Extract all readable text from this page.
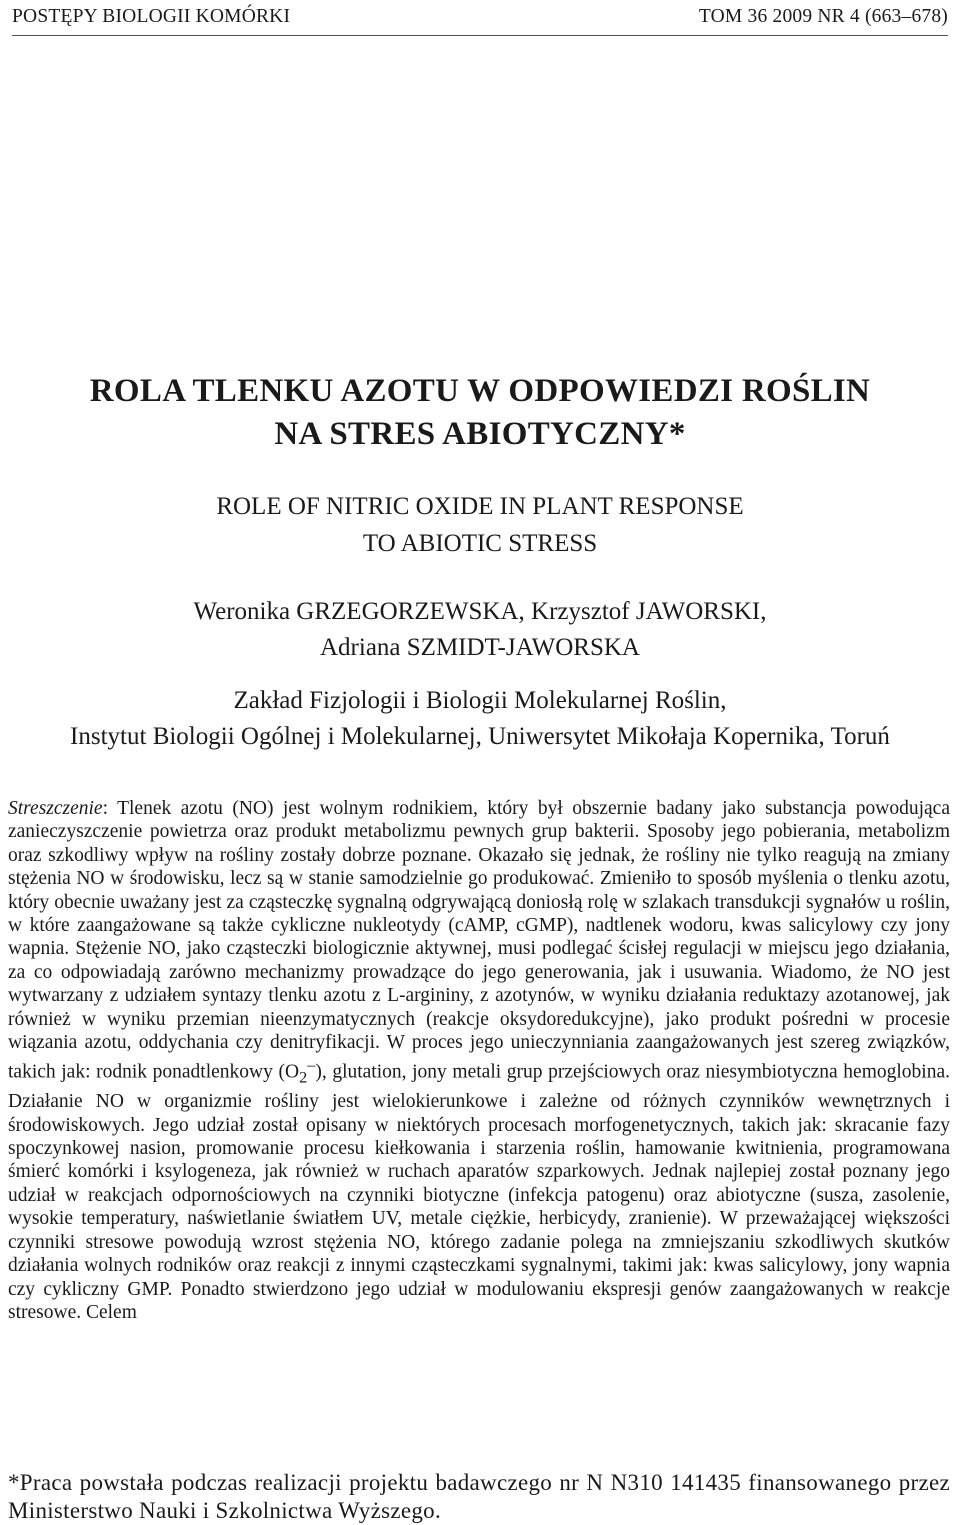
POSTĘPY BIOLOGII KOMÓRKI	TOM 36 2009 NR 4 (663–678)
ROLA TLENKU AZOTU W ODPOWIEDZI ROŚLIN
NA STRES ABIOTYCZNY*
ROLE OF NITRIC OXIDE IN PLANT RESPONSE
TO ABIOTIC STRESS
Weronika GRZEGORZEWSKA, Krzysztof JAWORSKI,
Adriana SZMIDT-JAWORSKA
Zakład Fizjologii i Biologii Molekularnej Roślin,
Instytut Biologii Ogólnej i Molekularnej, Uniwersytet Mikołaja Kopernika, Toruń
Streszczenie: Tlenek azotu (NO) jest wolnym rodnikiem, który był obszernie badany jako substancja powodująca zanieczyszczenie powietrza oraz produkt metabolizmu pewnych grup bakterii. Sposoby jego pobierania, metabolizm oraz szkodliwy wpływ na rośliny zostały dobrze poznane. Okazało się jednak, że rośliny nie tylko reagują na zmiany stężenia NO w środowisku, lecz są w stanie samodzielnie go produkować. Zmieniło to sposób myślenia o tlenku azotu, który obecnie uważany jest za cząsteczkę sygnalną odgrywającą doniosłą rolę w szlakach transdukcji sygnałów u roślin, w które zaangażowane są także cykliczne nukleotydy (cAMP, cGMP), nadtlenek wodoru, kwas salicylowy czy jony wapnia. Stężenie NO, jako cząsteczki biologicznie aktywnej, musi podlegać ścisłej regulacji w miejscu jego działania, za co odpowiadają zarówno mechanizmy prowadzące do jego generowania, jak i usuwania. Wiadomo, że NO jest wytwarzany z udziałem syntazy tlenku azotu z L-argininy, z azotynów, w wyniku działania reduktazy azotanowej, jak również w wyniku przemian nieenzymatycznych (reakcje oksydoredukcyjne), jako produkt pośredni w procesie wiązania azotu, oddychania czy denitryfikacji. W proces jego unieczynniania zaangażowanych jest szereg związków, takich jak: rodnik ponadtlenkowy $(O_2^-)$, glutation, jony metali grup przejściowych oraz niesymbiotyczna hemoglobina. Działanie NO w organizmie rośliny jest wielokierunkowe i zależne od różnych czynników wewnętrznych i środowiskowych. Jego udział został opisany w niektórych procesach morfogenetycznych, takich jak: skracanie fazy spoczynkowej nasion, promowanie procesu kiełkowania i starzenia roślin, hamowanie kwitnienia, programowana śmierć komórki i ksylogeneza, jak również w ruchach aparatów szparkowych. Jednak najlepiej został poznany jego udział w reakcjach odpornościowych na czynniki biotyczne (infekcja patogenu) oraz abiotyczne (susza, zasolenie, wysokie temperatury, naświetlanie światłem UV, metale ciężkie, herbicydy, zranienie). W przeważającej większości czynniki stresowe powodują wzrost stężenia NO, którego zadanie polega na zmniejszaniu szkodliwych skutków działania wolnych rodników oraz reakcji z innymi cząsteczkami sygnalnymi, takimi jak: kwas salicylowy, jony wapnia czy cykliczny GMP. Ponadto stwierdzono jego udział w modulowaniu ekspresji genów zaangażowanych w reakcje stresowe. Celem
*Praca powstała podczas realizacji projektu badawczego nr N N310 141435 finansowanego przez Ministerstwo Nauki i Szkolnictwa Wyższego.
